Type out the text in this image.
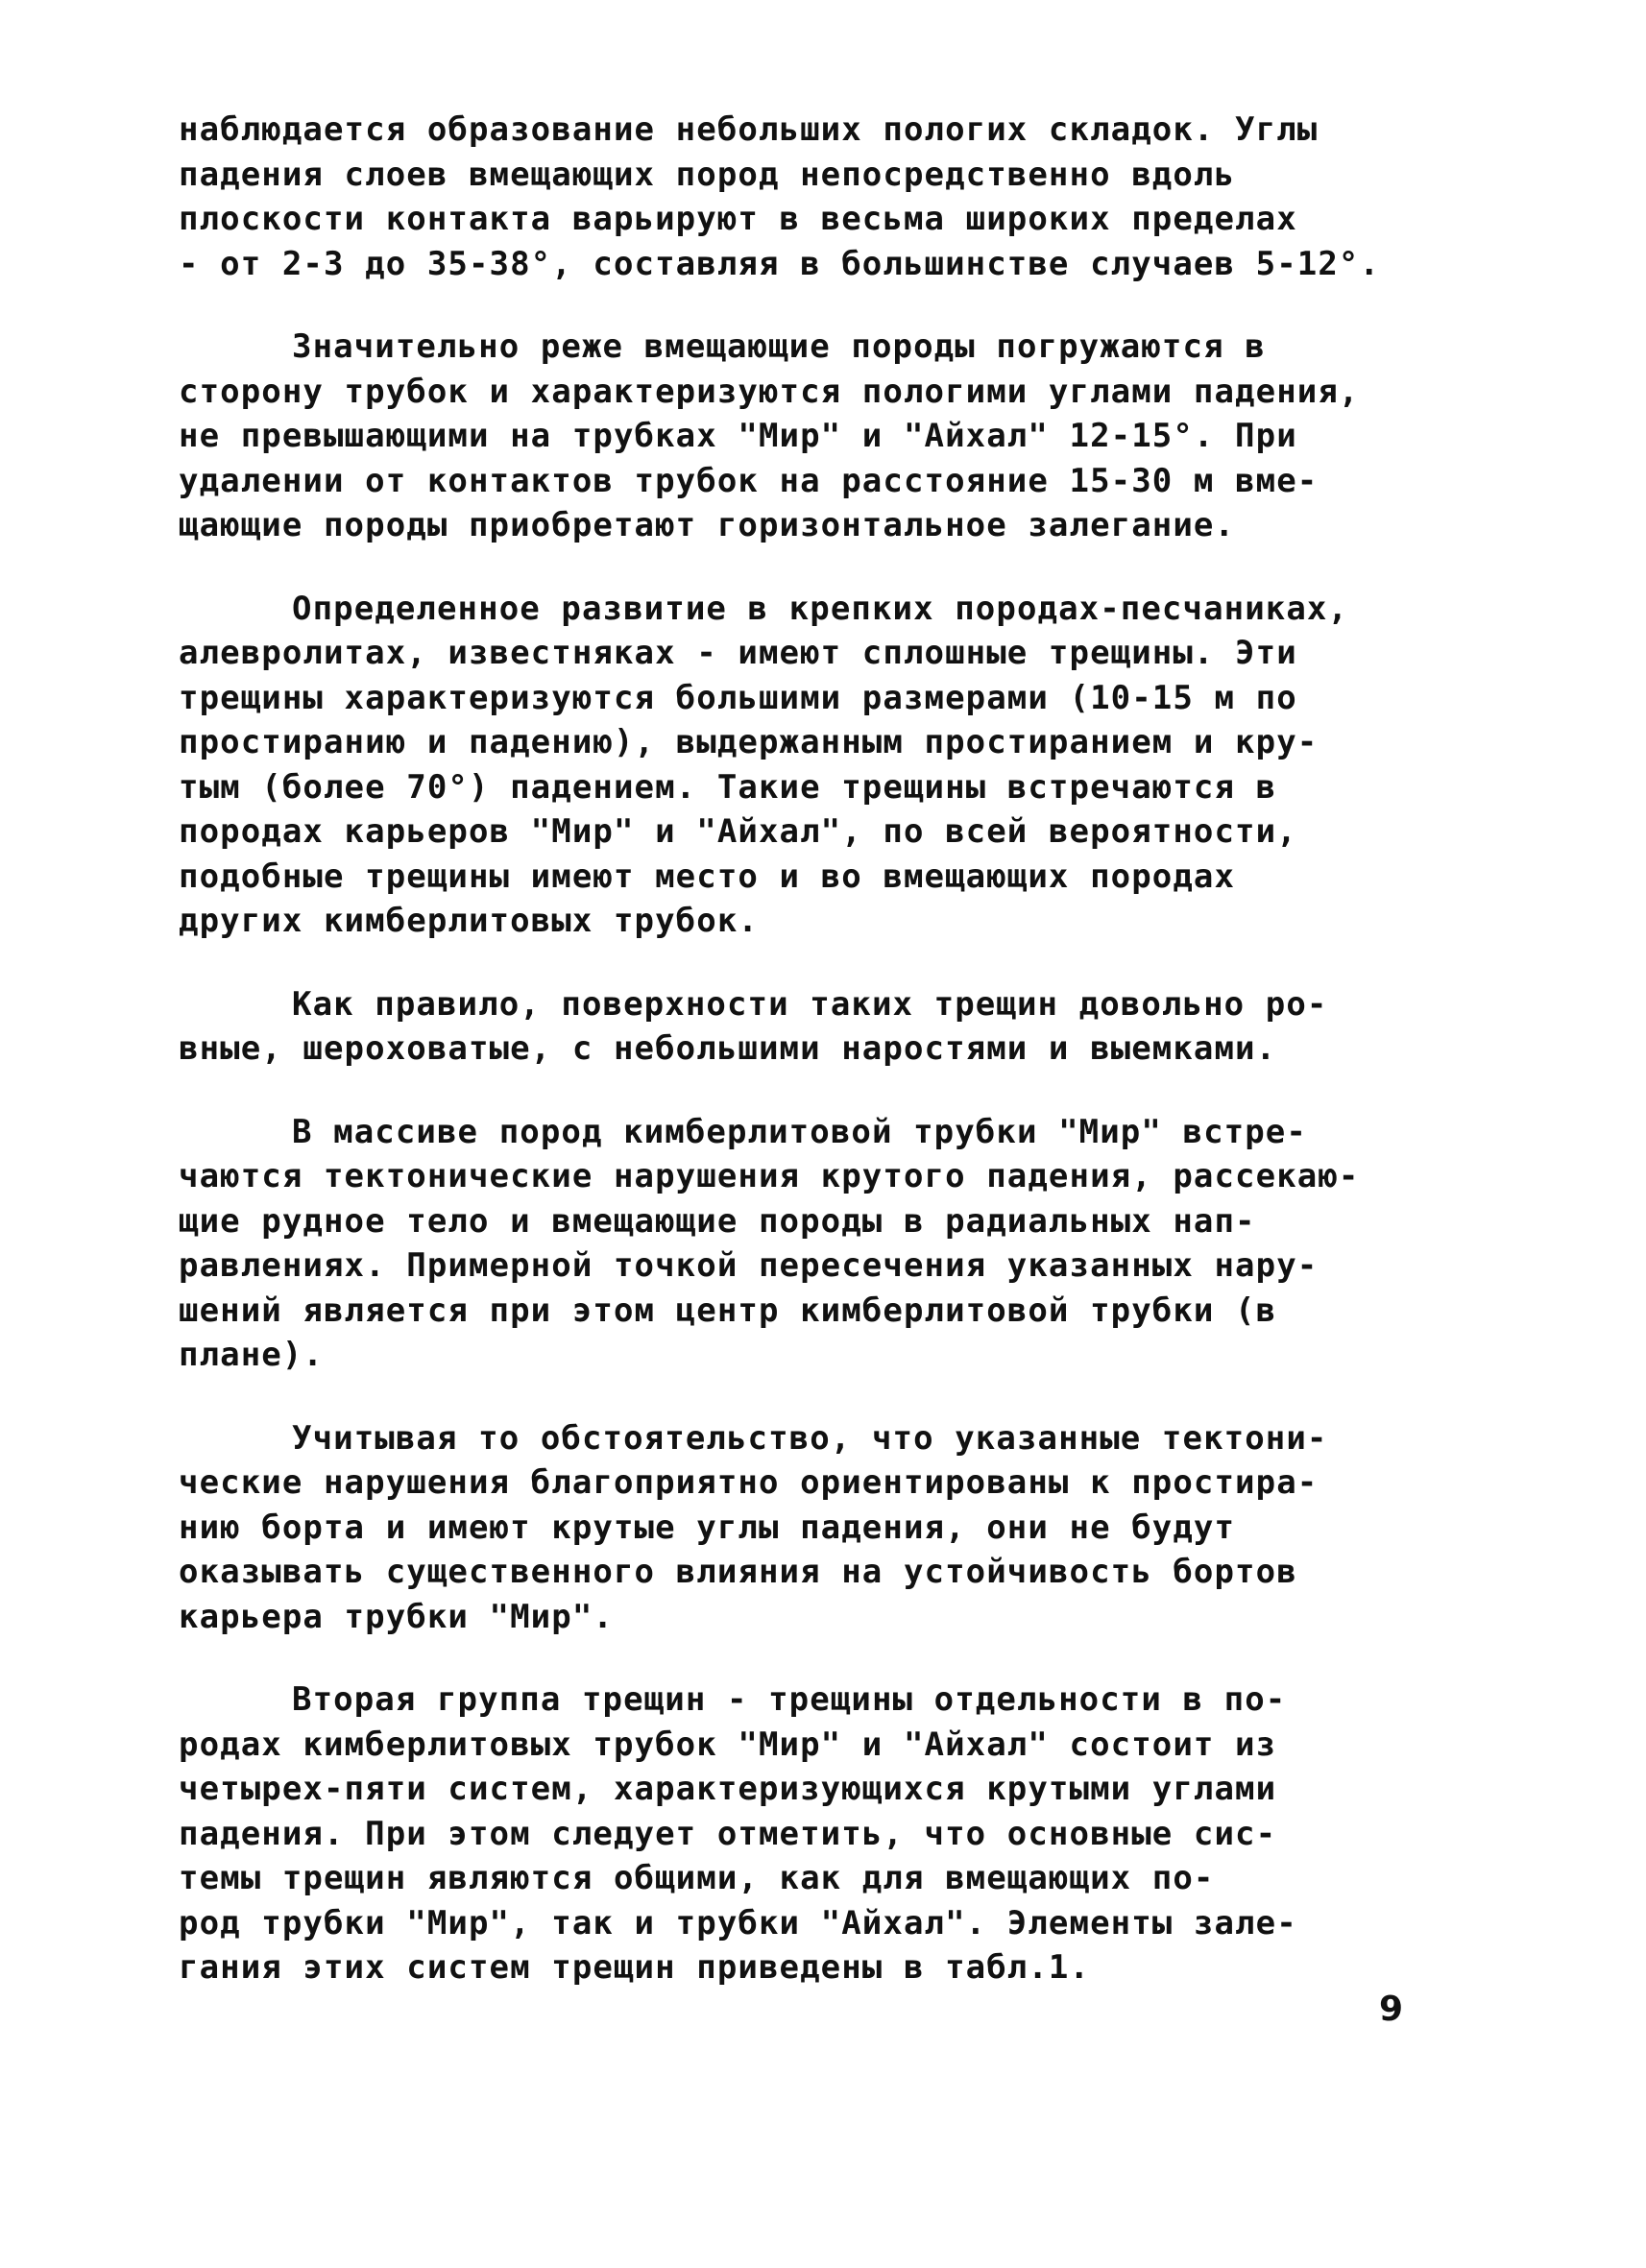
наблюдается образование небольших пологих складок. Углы
падения слоев вмещающих пород непосредственно вдоль
плоскости контакта варьируют в весьма широких пределах
- от 2-3 до 35-38°, составляя в большинстве случаев 5-12°.

Значительно реже вмещающие породы погружаются в
сторону трубок и характеризуются пологими углами падения,
не превышающими на трубках "Мир" и "Айхал" 12-15°. При
удалении от контактов трубок на расстояние 15-30 м вме-
щающие породы приобретают горизонтальное залегание.

Определенное развитие в крепких породах-песчаниках,
алевролитах, известняках - имеют сплошные трещины. Эти
трещины характеризуются большими размерами (10-15 м по
простиранию и падению), выдержанным простиранием и кру-
тым (более 70°) падением. Такие трещины встречаются в
породах карьеров "Мир" и "Айхал", по всей вероятности,
подобные трещины имеют место и во вмещающих породах
других кимберлитовых трубок.

Как правило, поверхности таких трещин довольно ро-
вные, шероховатые, с небольшими наростями и выемками.

В массиве пород кимберлитовой трубки "Мир" встре-
чаются тектонические нарушения крутого падения, рассекаю-
щие рудное тело и вмещающие породы в радиальных нап-
равлениях. Примерной точкой пересечения указанных нару-
шений является при этом центр кимберлитовой трубки (в
плане).

Учитывая то обстоятельство, что указанные тектони-
ческие нарушения благоприятно ориентированы к простира-
нию борта и имеют крутые углы падения, они не будут
оказывать существенного влияния на устойчивость бортов
карьера трубки "Мир".

Вторая группа трещин - трещины отдельности в по-
родах кимберлитовых трубок "Мир" и "Айхал" состоит из
четырех-пяти систем, характеризующихся крутыми углами
падения. При этом следует отметить, что основные сис-
темы трещин являются общими, как для вмещающих по-
род трубки "Мир", так и трубки "Айхал". Элементы зале-
гания этих систем трещин приведены в табл.1.

9
